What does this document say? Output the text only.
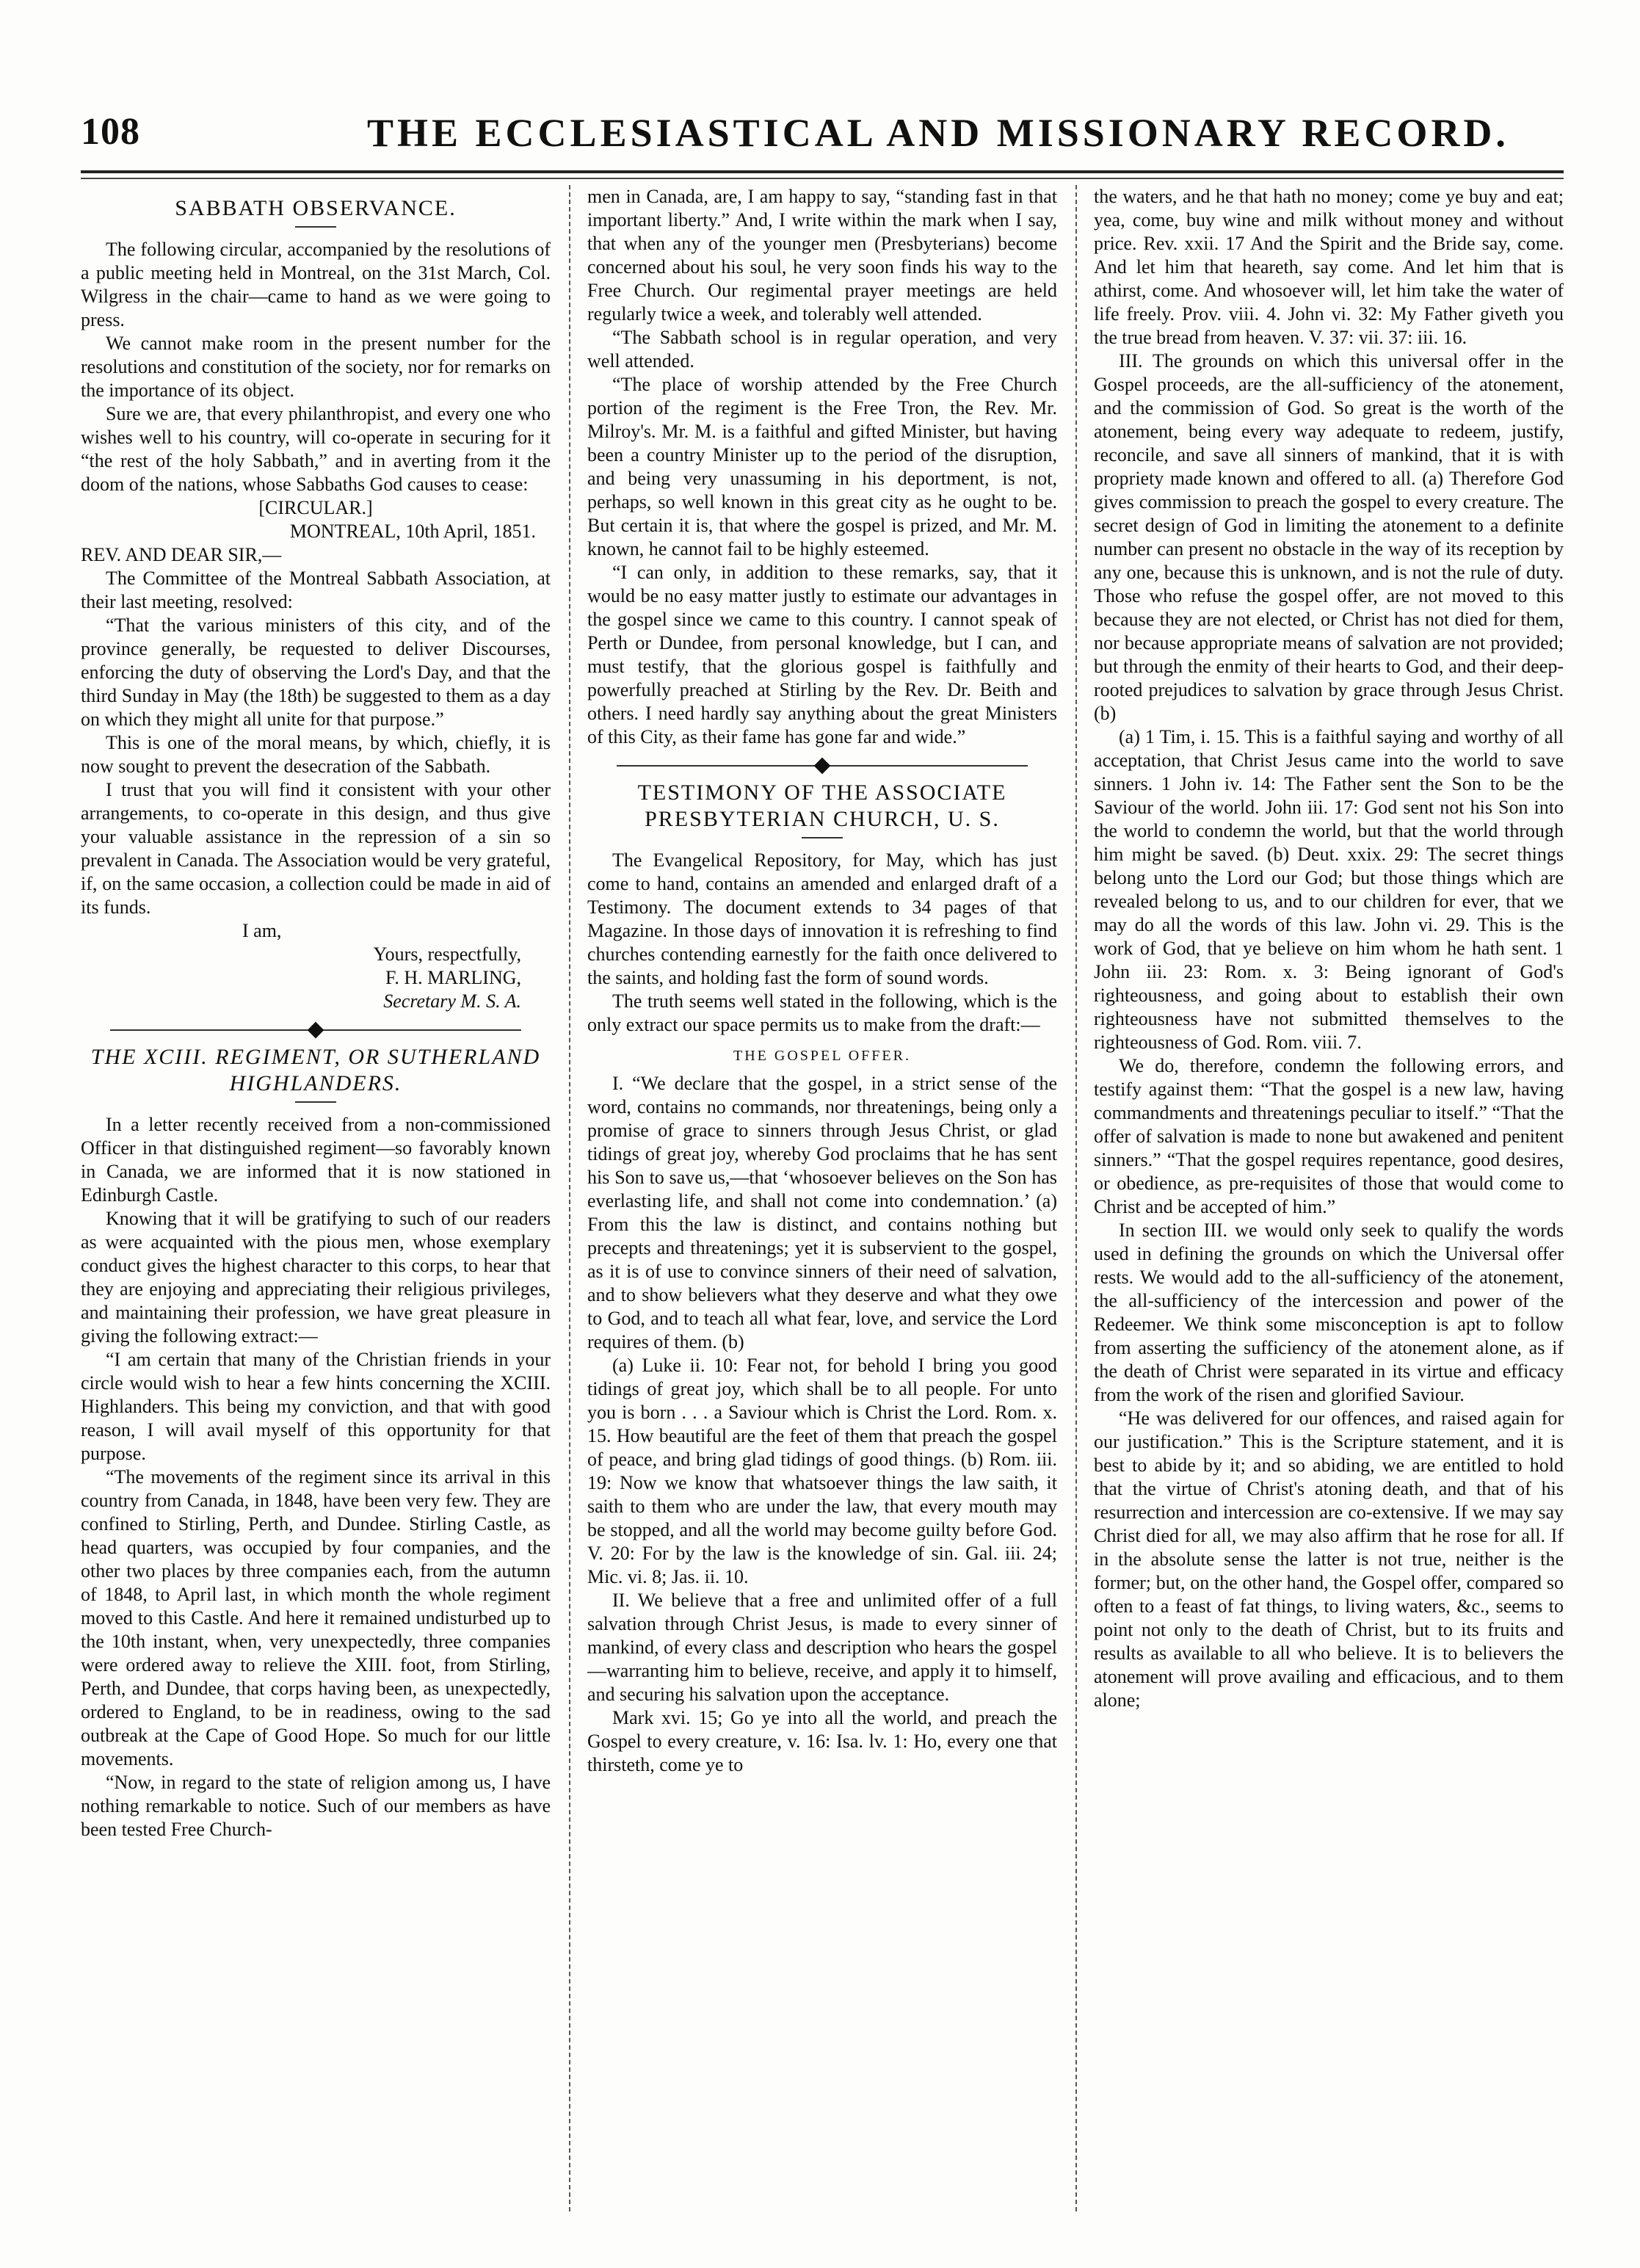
108	THE ECCLESIASTICAL AND MISSIONARY RECORD.
SABBATH OBSERVANCE.

The following circular, accompanied by the resolutions of a public meeting held in Montreal, on the 31st March, Col. Wilgress in the chair—came to hand as we were going to press.

We cannot make room in the present number for the resolutions and constitution of the society, nor for remarks on the importance of its object.

Sure we are, that every philanthropist, and every one who wishes well to his country, will co-operate in securing for it “the rest of the holy Sabbath,” and in averting from it the doom of the nations, whose Sabbaths God causes to cease:

[CIRCULAR.]

MONTREAL, 10th April, 1851.

REV. AND DEAR SIR,—

The Committee of the Montreal Sabbath Association, at their last meeting, resolved:

“That the various ministers of this city, and of the province generally, be requested to deliver Discourses, enforcing the duty of observing the Lord's Day, and that the third Sunday in May (the 18th) be suggested to them as a day on which they might all unite for that purpose.”

This is one of the moral means, by which, chiefly, it is now sought to prevent the desecration of the Sabbath.

I trust that you will find it consistent with your other arrangements, to co-operate in this design, and thus give your valuable assistance in the repression of a sin so prevalent in Canada. The Association would be very grateful, if, on the same occasion, a collection could be made in aid of its funds.

I am,

Yours, respectfully,
F. H. MARLING,
Secretary M. S. A.
THE XCIII. REGIMENT, OR SUTHERLAND HIGHLANDERS.

In a letter recently received from a non-commissioned Officer in that distinguished regiment—so favorably known in Canada, we are informed that it is now stationed in Edinburgh Castle.

Knowing that it will be gratifying to such of our readers as were acquainted with the pious men, whose exemplary conduct gives the highest character to this corps, to hear that they are enjoying and appreciating their religious privileges, and maintaining their profession, we have great pleasure in giving the following extract:—

“I am certain that many of the Christian friends in your circle would wish to hear a few hints concerning the XCIII. Highlanders. This being my conviction, and that with good reason, I will avail myself of this opportunity for that purpose.

“The movements of the regiment since its arrival in this country from Canada, in 1848, have been very few. They are confined to Stirling, Perth, and Dundee. Stirling Castle, as head quarters, was occupied by four companies, and the other two places by three companies each, from the autumn of 1848, to April last, in which month the whole regiment moved to this Castle. And here it remained undisturbed up to the 10th instant, when, very unexpectedly, three companies were ordered away to relieve the XIII. foot, from Stirling, Perth, and Dundee, that corps having been, as unexpectedly, ordered to England, to be in readiness, owing to the sad outbreak at the Cape of Good Hope. So much for our little movements.

“Now, in regard to the state of religion among us, I have nothing remarkable to notice. Such of our members as have been tested Free Church-

men in Canada, are, I am happy to say, “standing fast in that important liberty.” And, I write within the mark when I say, that when any of the younger men (Presbyterians) become concerned about his soul, he very soon finds his way to the Free Church. Our regimental prayer meetings are held regularly twice a week, and tolerably well attended.

“The Sabbath school is in regular operation, and very well attended.

“The place of worship attended by the Free Church portion of the regiment is the Free Tron, the Rev. Mr. Milroy's. Mr. M. is a faithful and gifted Minister, but having been a country Minister up to the period of the disruption, and being very unassuming in his deportment, is not, perhaps, so well known in this great city as he ought to be. But certain it is, that where the gospel is prized, and Mr. M. known, he cannot fail to be highly esteemed.

“I can only, in addition to these remarks, say, that it would be no easy matter justly to estimate our advantages in the gospel since we came to this country. I cannot speak of Perth or Dundee, from personal knowledge, but I can, and must testify, that the glorious gospel is faithfully and powerfully preached at Stirling by the Rev. Dr. Beith and others. I need hardly say anything about the great Ministers of this City, as their fame has gone far and wide.”

TESTIMONY OF THE ASSOCIATE PRESBYTERIAN CHURCH, U. S.

The Evangelical Repository, for May, which has just come to hand, contains an amended and enlarged draft of a Testimony. The document extends to 34 pages of that Magazine. In those days of innovation it is refreshing to find churches contending earnestly for the faith once delivered to the saints, and holding fast the form of sound words.

The truth seems well stated in the following, which is the only extract our space permits us to make from the draft:—

THE GOSPEL OFFER.

I. “We declare that the gospel, in a strict sense of the word, contains no commands, nor threatenings, being only a promise of grace to sinners through Jesus Christ, or glad tidings of great joy, whereby God proclaims that he has sent his Son to save us,—that ‘whosoever believes on the Son has everlasting life, and shall not come into condemnation.’ (a) From this the law is distinct, and contains nothing but precepts and threatenings; yet it is subservient to the gospel, as it is of use to convince sinners of their need of salvation, and to show believers what they deserve and what they owe to God, and to teach all what fear, love, and service the Lord requires of them. (b)

(a) Luke ii. 10: Fear not, for behold I bring you good tidings of great joy, which shall be to all people. For unto you is born . . . a Saviour which is Christ the Lord. Rom. x. 15. How beautiful are the feet of them that preach the gospel of peace, and bring glad tidings of good things. (b) Rom. iii. 19: Now we know that whatsoever things the law saith, it saith to them who are under the law, that every mouth may be stopped, and all the world may become guilty before God. V. 20: For by the law is the knowledge of sin. Gal. iii. 24; Mic. vi. 8; Jas. ii. 10.

II. We believe that a free and unlimited offer of a full salvation through Christ Jesus, is made to every sinner of mankind, of every class and description who hears the gospel—warranting him to believe, receive, and apply it to himself, and securing his salvation upon the acceptance.

Mark xvi. 15; Go ye into all the world, and preach the Gospel to every creature, v. 16: Isa. lv. 1: Ho, every one that thirsteth, come ye to

the waters, and he that hath no money; come ye buy and eat; yea, come, buy wine and milk without money and without price. Rev. xxii. 17 And the Spirit and the Bride say, come. And let him that heareth, say come. And let him that is athirst, come. And whosoever will, let him take the water of life freely. Prov. viii. 4. John vi. 32: My Father giveth you the true bread from heaven. V. 37: vii. 37: iii. 16.

III. The grounds on which this universal offer in the Gospel proceeds, are the all-sufficiency of the atonement, and the commission of God. So great is the worth of the atonement, being every way adequate to redeem, justify, reconcile, and save all sinners of mankind, that it is with propriety made known and offered to all. (a) Therefore God gives commission to preach the gospel to every creature. The secret design of God in limiting the atonement to a definite number can present no obstacle in the way of its reception by any one, because this is unknown, and is not the rule of duty. Those who refuse the gospel offer, are not moved to this because they are not elected, or Christ has not died for them, nor because appropriate means of salvation are not provided; but through the enmity of their hearts to God, and their deep-rooted prejudices to salvation by grace through Jesus Christ. (b)

(a) 1 Tim, i. 15. This is a faithful saying and worthy of all acceptation, that Christ Jesus came into the world to save sinners. 1 John iv. 14: The Father sent the Son to be the Saviour of the world. John iii. 17: God sent not his Son into the world to condemn the world, but that the world through him might be saved. (b) Deut. xxix. 29: The secret things belong unto the Lord our God; but those things which are revealed belong to us, and to our children for ever, that we may do all the words of this law. John vi. 29. This is the work of God, that ye believe on him whom he hath sent. 1 John iii. 23: Rom. x. 3: Being ignorant of God's righteousness, and going about to establish their own righteousness have not submitted themselves to the righteousness of God. Rom. viii. 7.

We do, therefore, condemn the following errors, and testify against them: “That the gospel is a new law, having commandments and threatenings peculiar to itself.” “That the offer of salvation is made to none but awakened and penitent sinners.” “That the gospel requires repentance, good desires, or obedience, as pre-requisites of those that would come to Christ and be accepted of him.”

In section III. we would only seek to qualify the words used in defining the grounds on which the Universal offer rests. We would add to the all-sufficiency of the atonement, the all-sufficiency of the intercession and power of the Redeemer. We think some misconception is apt to follow from asserting the sufficiency of the atonement alone, as if the death of Christ were separated in its virtue and efficacy from the work of the risen and glorified Saviour.

“He was delivered for our offences, and raised again for our justification.” This is the Scripture statement, and it is best to abide by it; and so abiding, we are entitled to hold that the virtue of Christ's atoning death, and that of his resurrection and intercession are co-extensive. If we may say Christ died for all, we may also affirm that he rose for all. If in the absolute sense the latter is not true, neither is the former; but, on the other hand, the Gospel offer, compared so often to a feast of fat things, to living waters, &c., seems to point not only to the death of Christ, but to its fruits and results as available to all who believe. It is to believers the atonement will prove availing and efficacious, and to them alone;
